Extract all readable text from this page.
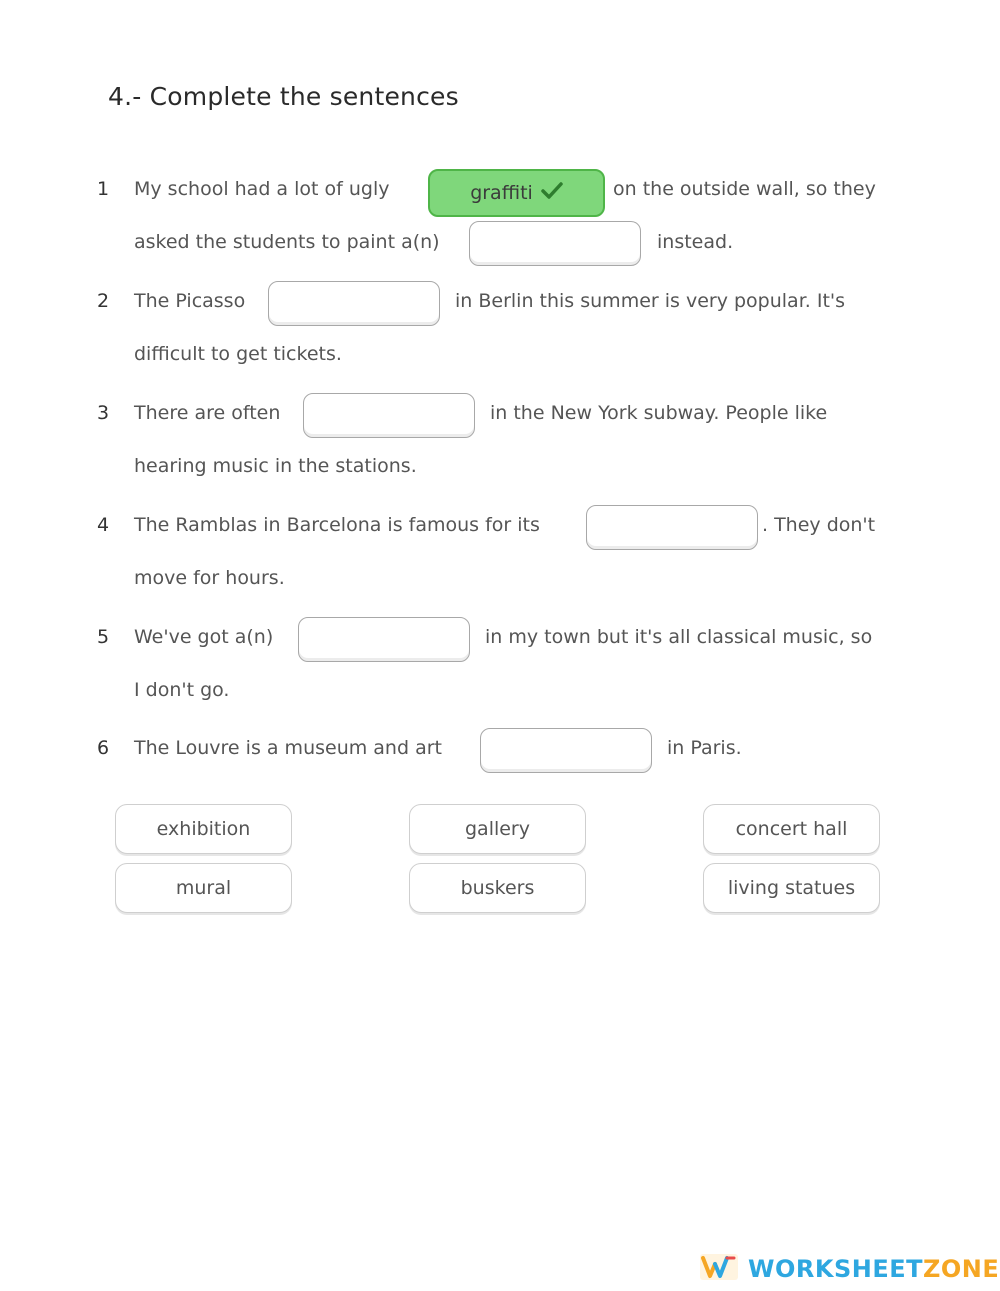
4.- Complete the sentences
1 My school had a lot of ugly	graffiti	on the outside wall, so they
asked the students to paint a(n)	instead.
2 The Picasso	in Berlin this summer is very popular. It's
difficult to get tickets.
3 There are often	in the New York subway. People like
hearing music in the stations.
4 The Ramblas in Barcelona is famous for its	. They don't
move for hours.
5 We've got a(n)	in my town but it's all classical music, so
I don't go.
6 The Louvre is a museum and art	in Paris.
exhibition	gallery	concert hall
mural	buskers	living statues
WORKSHEETZONE
